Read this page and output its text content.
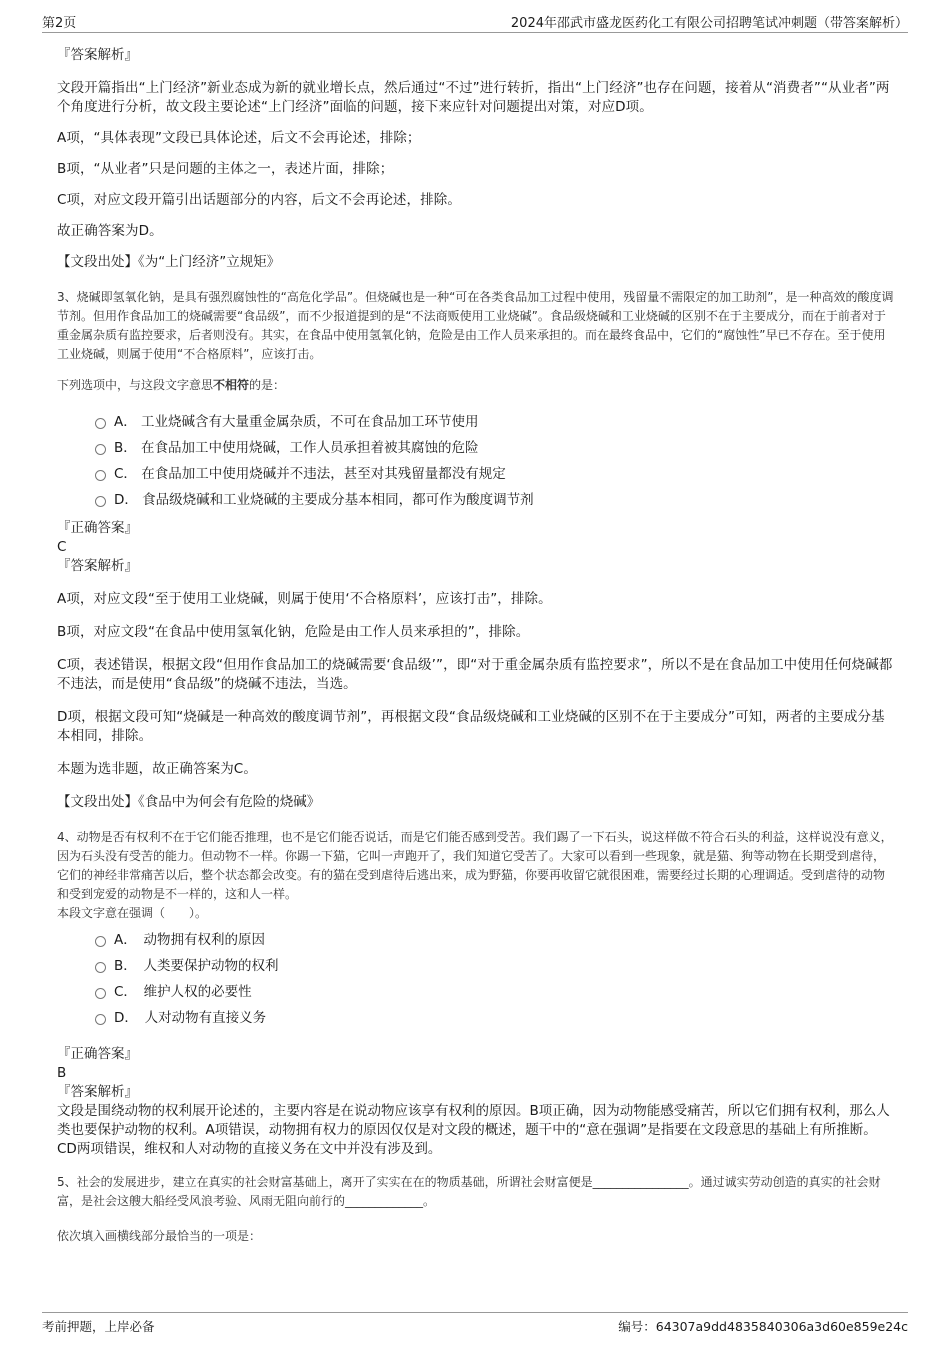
第2页	2024年邵武市盛龙医药化工有限公司招聘笔试冲刺题（带答案解析）

『答案解析』

文段开篇指出“上门经济”新业态成为新的就业增长点，然后通过“不过”进行转折，指出“上门经济”也存在问题，接着从“消费者”“从业者”两个角度进行分析，故文段主要论述“上门经济”面临的问题，接下来应针对问题提出对策，对应D项。

A项，“具体表现”文段已具体论述，后文不会再论述，排除；

B项，“从业者”只是问题的主体之一，表述片面，排除；

C项，对应文段开篇引出话题部分的内容，后文不会再论述，排除。

故正确答案为D。

【文段出处】《为“上门经济”立规矩》

3、烧碱即氢氧化钠，是具有强烈腐蚀性的“高危化学品”。但烧碱也是一种“可在各类食品加工过程中使用，残留量不需限定的加工助剂”，是一种高效的酸度调节剂。但用作食品加工的烧碱需要“食品级”，而不少报道提到的是“不法商贩使用工业烧碱”。食品级烧碱和工业烧碱的区别不在于主要成分，而在于前者对于重金属杂质有监控要求，后者则没有。其实，在食品中使用氢氧化钠，危险是由工作人员来承担的。而在最终食品中，它们的“腐蚀性”早已不存在。至于使用工业烧碱，则属于使用“不合格原料”，应该打击。

下列选项中，与这段文字意思不相符的是：

A． 工业烧碱含有大量重金属杂质，不可在食品加工环节使用
B． 在食品加工中使用烧碱，工作人员承担着被其腐蚀的危险
C． 在食品加工中使用烧碱并不违法，甚至对其残留量都没有规定
D． 食品级烧碱和工业烧碱的主要成分基本相同，都可作为酸度调节剂

『正确答案』

C

『答案解析』

A项，对应文段“至于使用工业烧碱，则属于使用‘不合格原料’，应该打击”，排除。

B项，对应文段“在食品中使用氢氧化钠，危险是由工作人员来承担的”，排除。

C项，表述错误，根据文段“但用作食品加工的烧碱需要‘食品级’”，即“对于重金属杂质有监控要求”，所以不是在食品加工中使用任何烧碱都不违法，而是使用“食品级”的烧碱不违法，当选。

D项，根据文段可知“烧碱是一种高效的酸度调节剂”，再根据文段“食品级烧碱和工业烧碱的区别不在于主要成分”可知，两者的主要成分基本相同，排除。

本题为选非题，故正确答案为C。

【文段出处】《食品中为何会有危险的烧碱》

4、动物是否有权利不在于它们能否推理，也不是它们能否说话，而是它们能否感到受苦。我们踢了一下石头，说这样做不符合石头的利益，这样说没有意义，因为石头没有受苦的能力。但动物不一样。你踢一下猫，它叫一声跑开了，我们知道它受苦了。大家可以看到一些现象，就是猫、狗等动物在长期受到虐待，它们的神经非常痛苦以后，整个状态都会改变。有的猫在受到虐待后逃出来，成为野猫，你要再收留它就很困难，需要经过长期的心理调适。受到虐待的动物和受到宠爱的动物是不一样的，这和人一样。

本段文字意在强调（　　）。

A．　动物拥有权利的原因
B．　人类要保护动物的权利
C．　维护人权的必要性
D．　人对动物有直接义务

『正确答案』

B

『答案解析』

文段是围绕动物的权利展开论述的，主要内容是在说动物应该享有权利的原因。B项正确，因为动物能感受痛苦，所以它们拥有权利，那么人类也要保护动物的权利。A项错误，动物拥有权力的原因仅仅是对文段的概述，题干中的“意在强调”是指要在文段意思的基础上有所推断。CD两项错误，维权和人对动物的直接义务在文中并没有涉及到。

5、社会的发展进步，建立在真实的社会财富基础上，离开了实实在在的物质基础，所谓社会财富便是________________。通过诚实劳动创造的真实的社会财富，是社会这艘大船经受风浪考验、风雨无阻向前行的_____________。

依次填入画横线部分最恰当的一项是：

考前押题，上岸必备	编号：64307a9dd4835840306a3d60e859e24c
